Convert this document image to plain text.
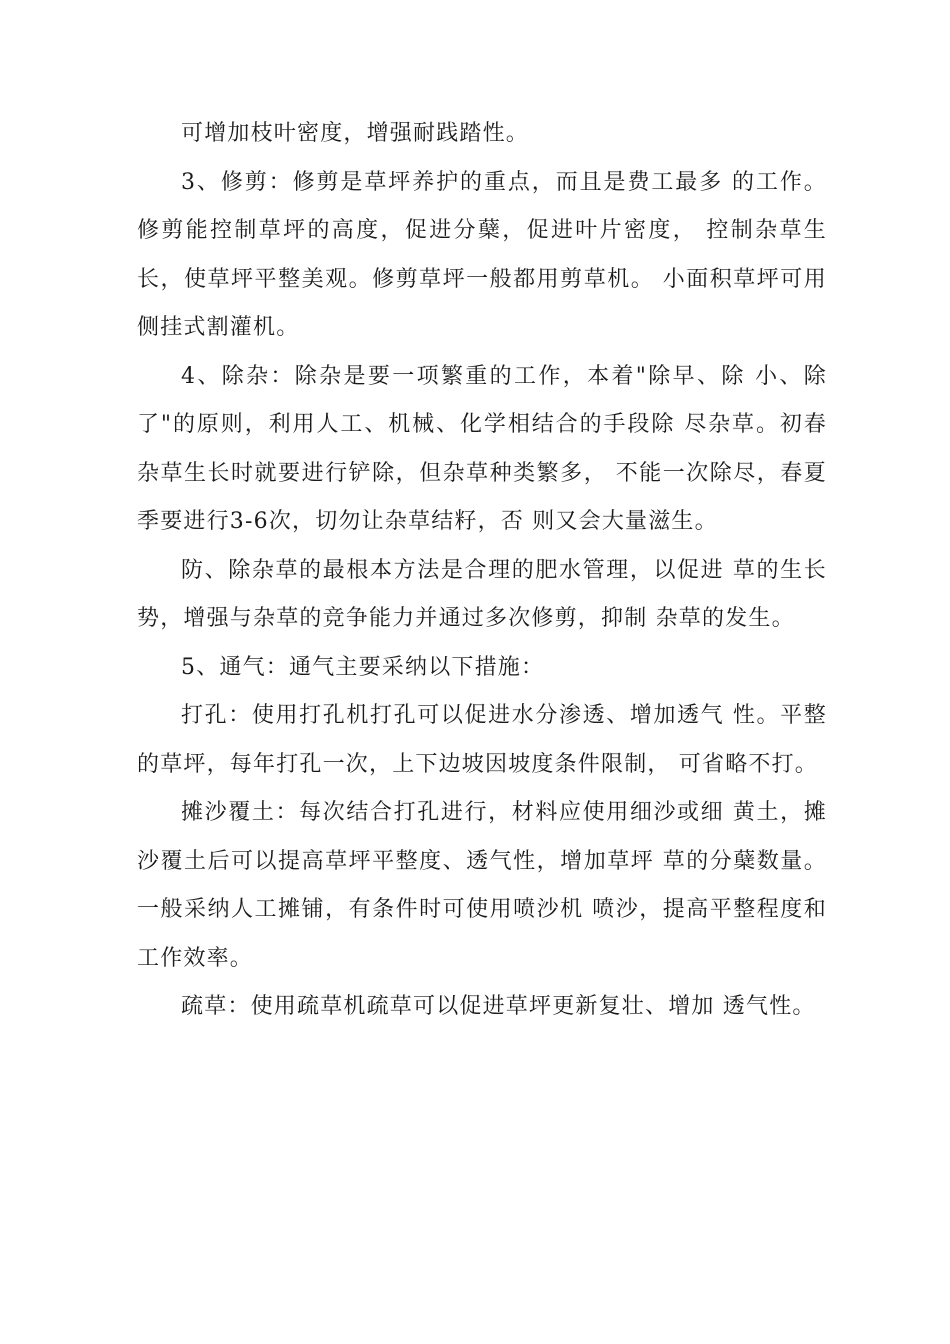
可增加枝叶密度，增强耐践踏性。

3、修剪：修剪是草坪养护的重点，而且是费工最多 的工作。修剪能控制草坪的高度，促进分蘖，促进叶片密度， 控制杂草生长，使草坪平整美观。修剪草坪一般都用剪草机。 小面积草坪可用侧挂式割灌机。

4、除杂：除杂是要一项繁重的工作，本着"除早、除 小、除了"的原则，利用人工、机械、化学相结合的手段除 尽杂草。初春杂草生长时就要进行铲除，但杂草种类繁多， 不能一次除尽，春夏季要进行3-6次，切勿让杂草结籽，否 则又会大量滋生。

防、除杂草的最根本方法是合理的肥水管理，以促进 草的生长势，增强与杂草的竞争能力并通过多次修剪，抑制 杂草的发生。

5、通气：通气主要采纳以下措施：

打孔：使用打孔机打孔可以促进水分渗透、增加透气 性。平整的草坪，每年打孔一次，上下边坡因坡度条件限制， 可省略不打。

摊沙覆土：每次结合打孔进行，材料应使用细沙或细 黄土，摊沙覆土后可以提高草坪平整度、透气性，增加草坪 草的分蘖数量。一般采纳人工摊铺，有条件时可使用喷沙机 喷沙，提高平整程度和工作效率。

疏草：使用疏草机疏草可以促进草坪更新复壮、增加 透气性。
